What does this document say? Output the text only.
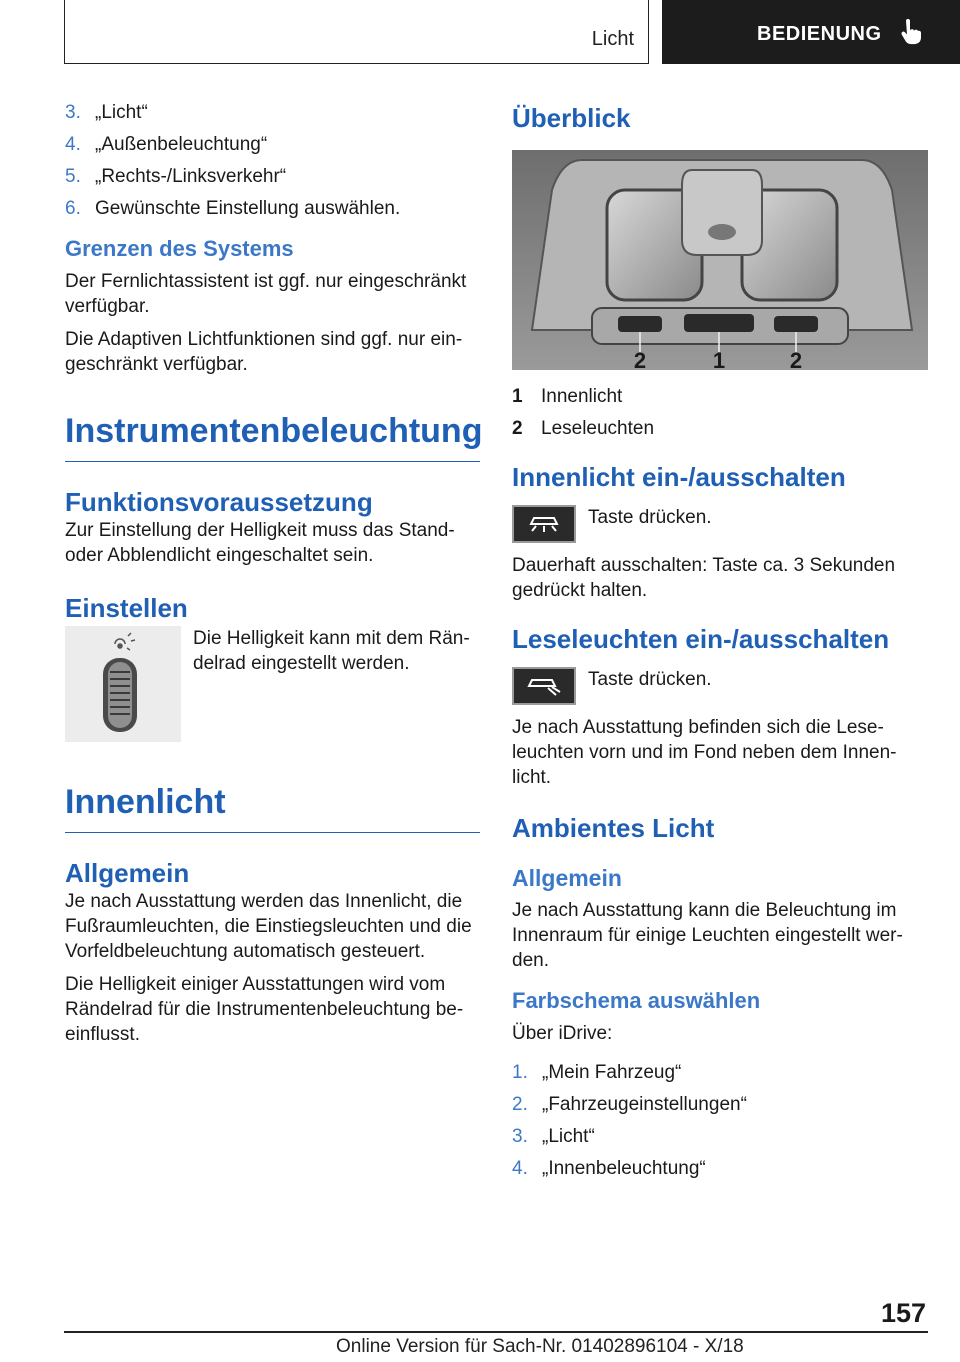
Licht	BEDIENUNG
3. „Licht“
4. „Außenbeleuchtung“
5. „Rechts-/Linksverkehr“
6. Gewünschte Einstellung auswählen.
Grenzen des Systems

Der Fernlichtassistent ist ggf. nur eingeschränkt verfügbar.

Die Adaptiven Lichtfunktionen sind ggf. nur eingeschränkt verfügbar.

Instrumentenbeleuchtung
Funktionsvoraussetzung

Zur Einstellung der Helligkeit muss das Stand- oder Abblendlicht eingeschaltet sein.

Einstellen

Die Helligkeit kann mit dem Rändelrad eingestellt werden.

Innenlicht
Allgemein

Je nach Ausstattung werden das Innenlicht, die Fußraumleuchten, die Einstiegsleuchten und die Vorfeldbeleuchtung automatisch gesteuert.

Die Helligkeit einiger Ausstattungen wird vom Rändelrad für die Instrumentenbeleuchtung beeinflusst.

Überblick
2	1	2
1 Innenlicht
2 Leseleuchten
Innenlicht ein-/ausschalten

Taste drücken.

Dauerhaft ausschalten: Taste ca. 3 Sekunden gedrückt halten.

Leseleuchten ein-/ausschalten

Taste drücken.

Je nach Ausstattung befinden sich die Leseleuchten vorn und im Fond neben dem Innenlicht.

Ambientes Licht
Allgemein

Je nach Ausstattung kann die Beleuchtung im Innenraum für einige Leuchten eingestellt werden.

Farbschema auswählen

Über iDrive:

1. „Mein Fahrzeug“
2. „Fahrzeugeinstellungen“
3. „Licht“
4. „Innenbeleuchtung“
157
Online Version für Sach-Nr. 01402896104 - X/18
